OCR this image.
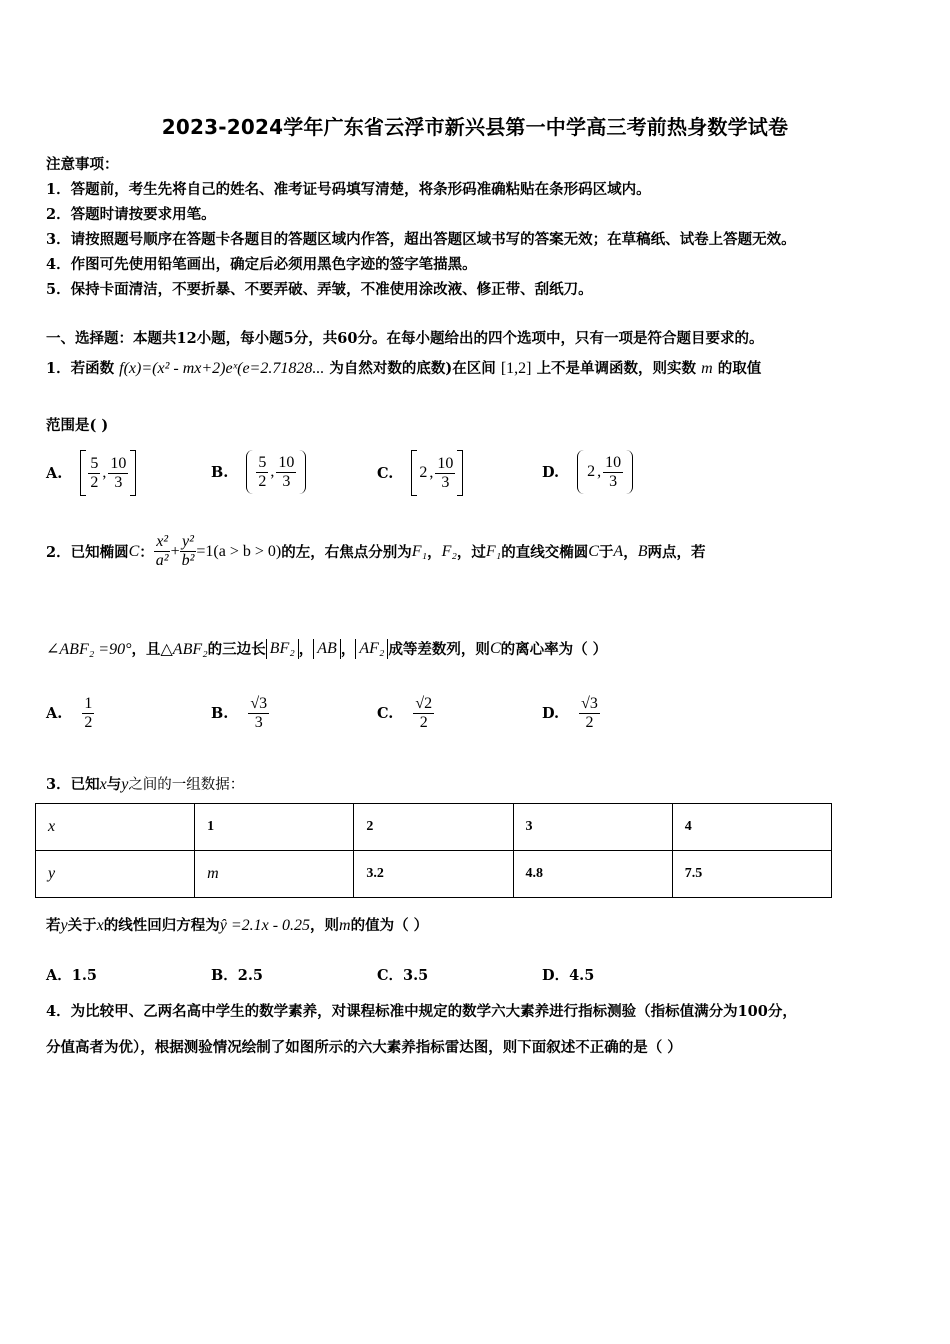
2023-2024学年广东省云浮市新兴县第一中学高三考前热身数学试卷
注意事项：
1．答题前，考生先将自己的姓名、准考证号码填写清楚，将条形码准确粘贴在条形码区域内。
2．答题时请按要求用笔。
3．请按照题号顺序在答题卡各题目的答题区域内作答，超出答题区域书写的答案无效；在草稿纸、试卷上答题无效。
4．作图可先使用铅笔画出，确定后必须用黑色字迹的签字笔描黑。
5．保持卡面清洁，不要折暴、不要弄破、弄皱，不准使用涂改液、修正带、刮纸刀。
一、选择题：本题共12小题，每小题5分，共60分。在每小题给出的四个选项中，只有一项是符合题目要求的。
1．若函数 f(x)=(x² - mx+2)eˣ(e=2.71828... 为自然对数的底数)在区间 [1,2] 上不是单调函数，则实数 m 的取值
范围是( )
A. $\frac{5}{2}$ , $\frac{10}{3}$	B. $\frac{5}{2}$ , $\frac{10}{3}$	C. 2 , $\frac{10}{3}$	D. 2 , $\frac{10}{3}$
2．已知椭圆 C ： $\frac{\text{x²}}{\text{a²}} + \frac{\text{y²}}{\text{b²}} =1(a > b > 0)$ 的左，右焦点分别为 F₁ ， F₂ ，过 F₁ 的直线交椭圆 C 于 A ， B 两点，若
∠ABF₂ =90° ，且 △ABF₂ 的三边长 BF₂ ， AB ， AF₂ 成等差数列，则 C 的离心率为（ ）
A. $\frac{1}{2}$	B. $\frac{√3}{3}$	C. $\frac{√2}{2}$	D. $\frac{√3}{2}$
3．已知x与y之间的一组数据：
x	1	2	3	4
y	m	3.2	4.8	7.5
若y关于x的线性回归方程为ŷ =2.1x - 0.25，则m的值为（ ）
A．1.5	B．2.5	C．3.5	D．4.5
4．为比较甲、乙两名高中学生的数学素养，对课程标准中规定的数学六大素养进行指标测验（指标值满分为100分，
分值高者为优），根据测验情况绘制了如图所示的六大素养指标雷达图，则下面叙述不正确的是（ ）
